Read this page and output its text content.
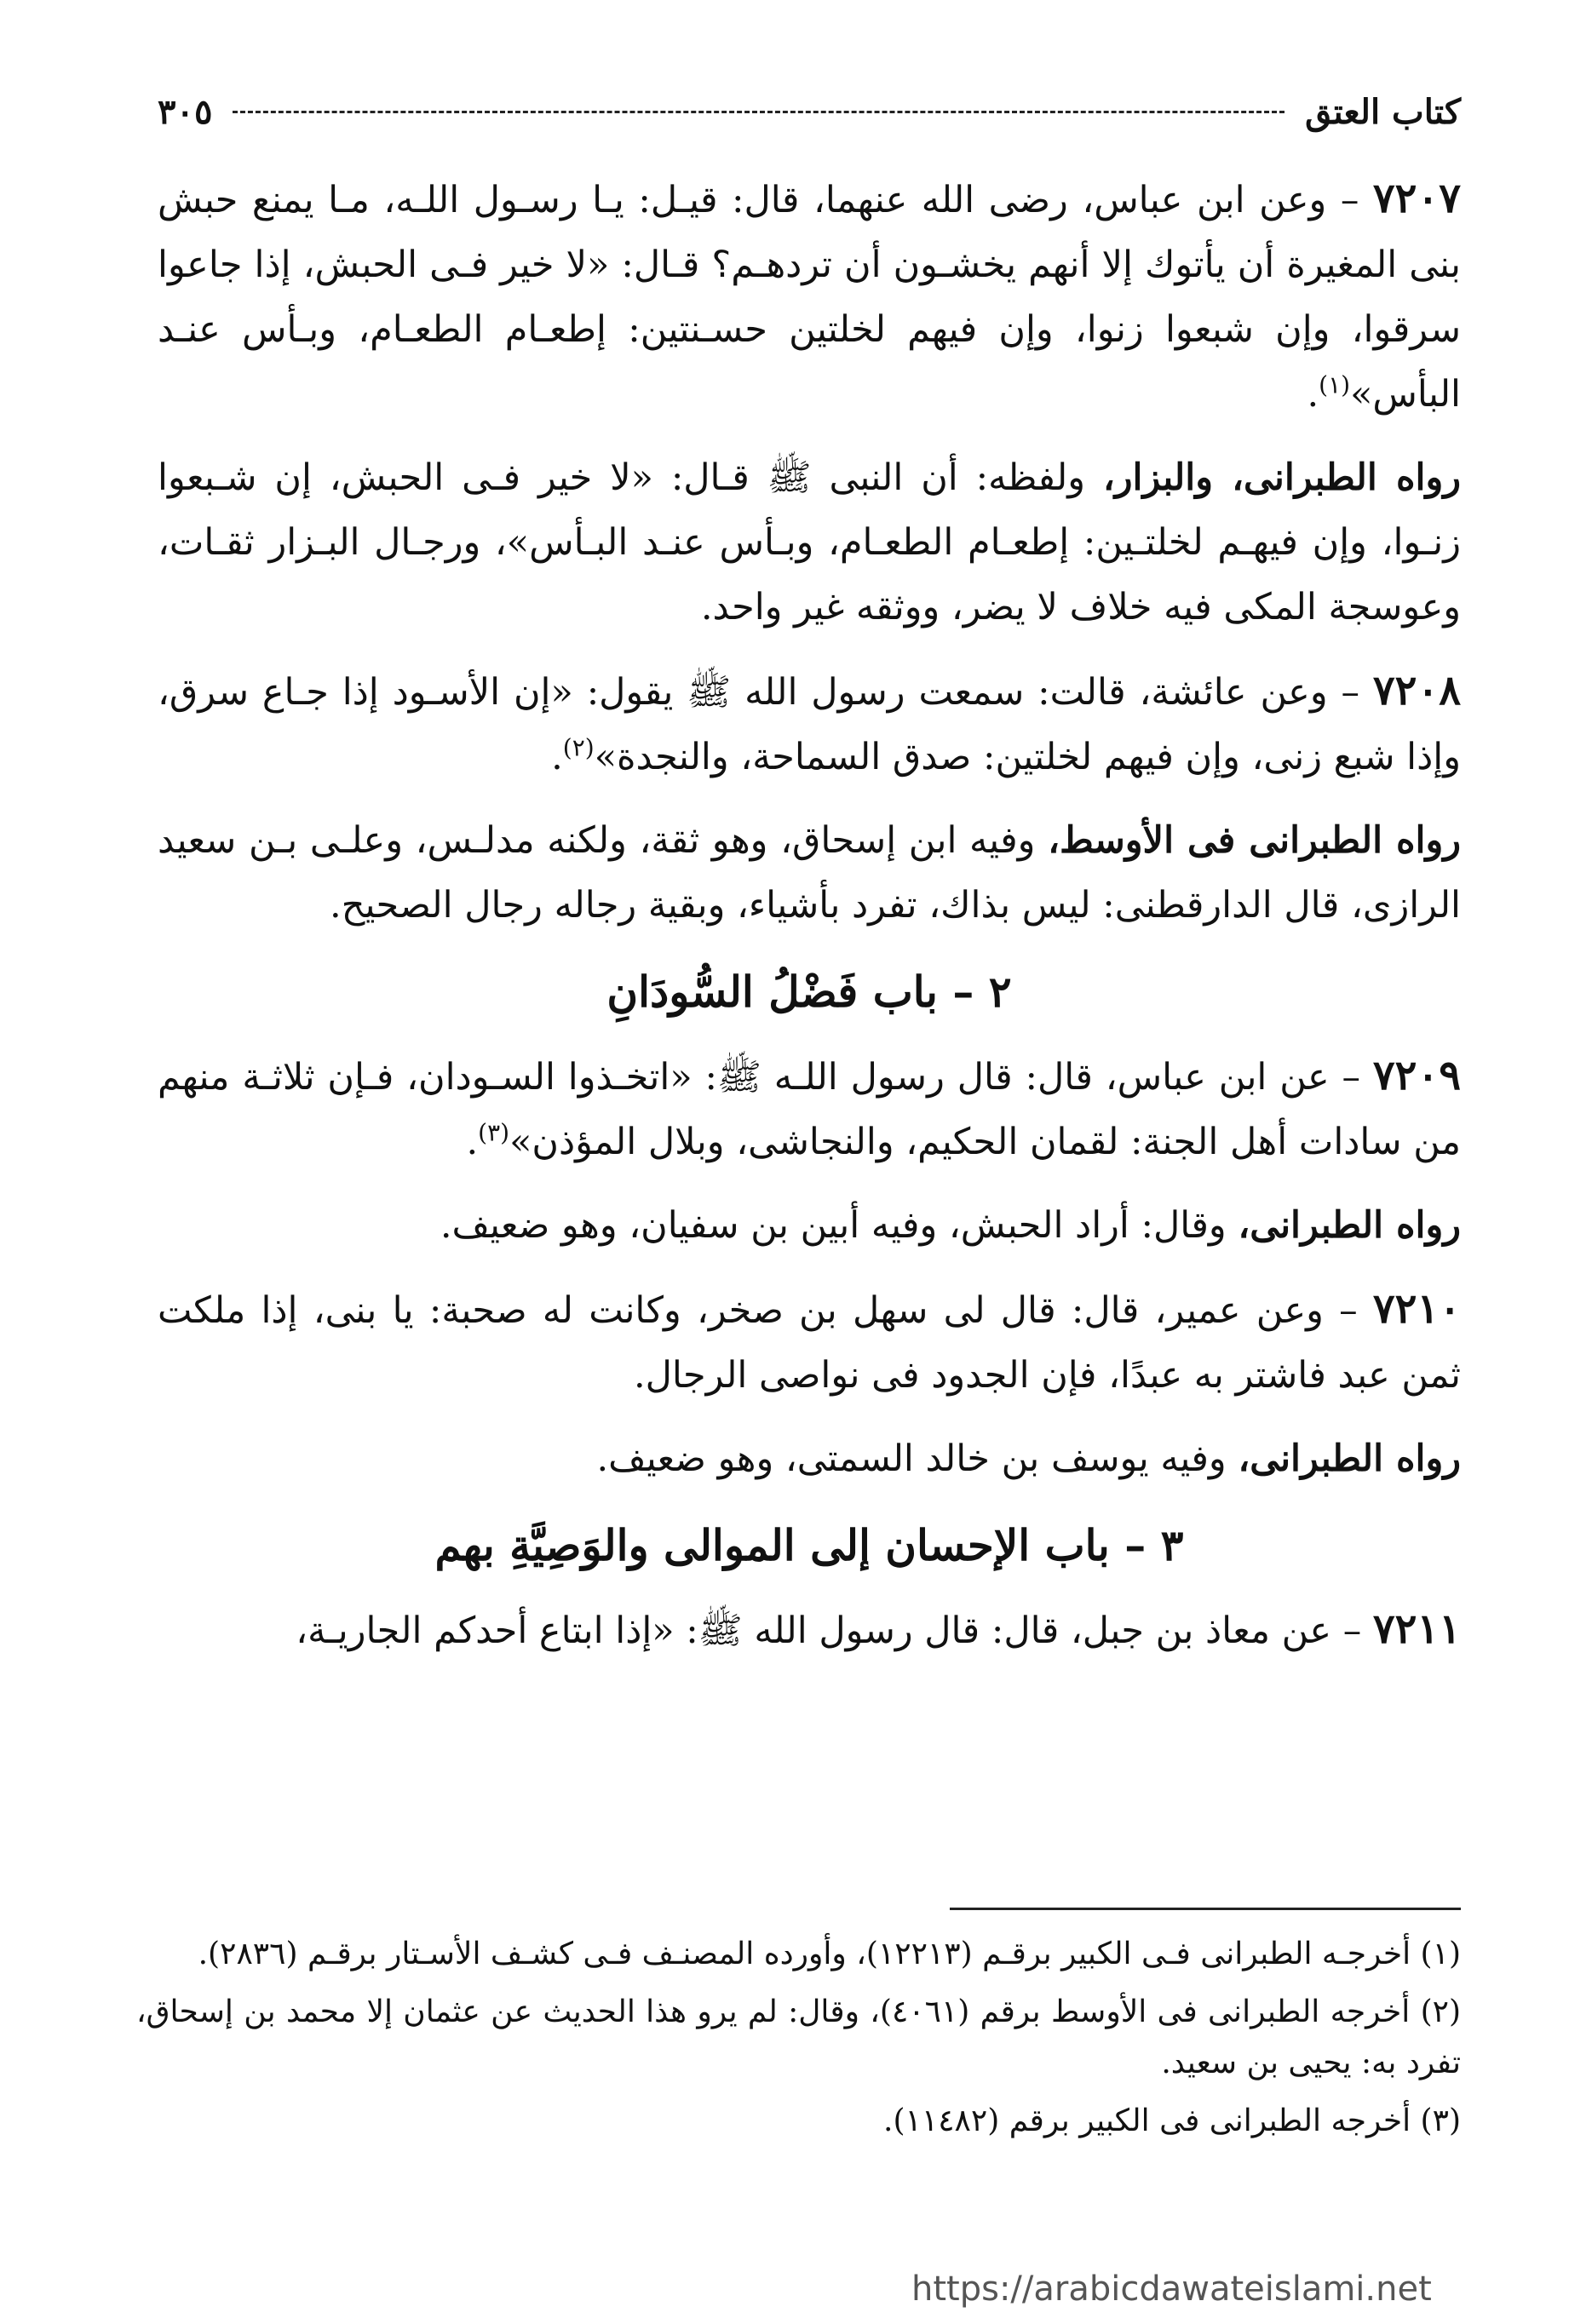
كتاب العتق
٣٠٥

٧٢٠٧ – وعن ابن عباس، رضى الله عنهما، قال: قيـل: يـا رسـول اللـه، مـا يمنع حبش بنى المغيرة أن يأتوك إلا أنهم يخشـون أن تردهـم؟ قـال: «لا خير فـى الحبش، إذا جاعوا سرقوا، وإن شبعوا زنوا، وإن فيهم لخلتين حسـنتين: إطعـام الطعـام، وبـأس عنـد البأس»$^{(١)}$.

رواه الطبرانى، والبزار، ولفظه: أن النبى ﷺ قـال: «لا خير فـى الحبش، إن شـبعوا زنـوا، وإن فيهـم لخلتـين: إطعـام الطعـام، وبـأس عنـد البـأس»، ورجـال البـزار ثقـات، وعوسجة المكى فيه خلاف لا يضر، ووثقه غير واحد.

٧٢٠٨ – وعن عائشة، قالت: سمعت رسول الله ﷺ يقول: «إن الأسـود إذا جـاع سرق، وإذا شبع زنى، وإن فيهم لخلتين: صدق السماحة، والنجدة»$^{(٢)}$.

رواه الطبرانى فى الأوسط، وفيه ابن إسحاق، وهو ثقة، ولكنه مدلـس، وعلـى بـن سعيد الرازى، قال الدارقطنى: ليس بذاك، تفرد بأشياء، وبقية رجاله رجال الصحيح.

٢ – باب فَضْلُ السُّودَانِ

٧٢٠٩ – عن ابن عباس، قال: قال رسول اللـه ﷺ: «اتخـذوا السـودان، فـإن ثلاثـة منهم من سادات أهل الجنة: لقمان الحكيم، والنجاشى، وبلال المؤذن»$^{(٣)}$.

رواه الطبرانى، وقال: أراد الحبش، وفيه أبين بن سفيان، وهو ضعيف.

٧٢١٠ – وعن عمير، قال: قال لى سهل بن صخر، وكانت له صحبة: يا بنى، إذا ملكت ثمن عبد فاشتر به عبدًا، فإن الجدود فى نواصى الرجال.

رواه الطبرانى، وفيه يوسف بن خالد السمتى، وهو ضعيف.

٣ – باب الإحسان إلى الموالى والوَصِيَّةِ بهم

٧٢١١ – عن معاذ بن جبل، قال: قال رسول الله ﷺ: «إذا ابتاع أحدكم الجاريـة،

(١) أخرجـه الطبرانى فـى الكبير برقـم (١٢٢١٣)، وأورده المصنـف فـى كشـف الأسـتار برقـم (٢٨٣٦).

(٢) أخرجه الطبرانى فى الأوسط برقم (٤٠٦١)، وقال: لم يرو هذا الحديث عن عثمان إلا محمد بن إسحاق، تفرد به: يحيى بن سعيد.

(٣) أخرجه الطبرانى فى الكبير برقم (١١٤٨٢).

https://arabicdawateislami.net
